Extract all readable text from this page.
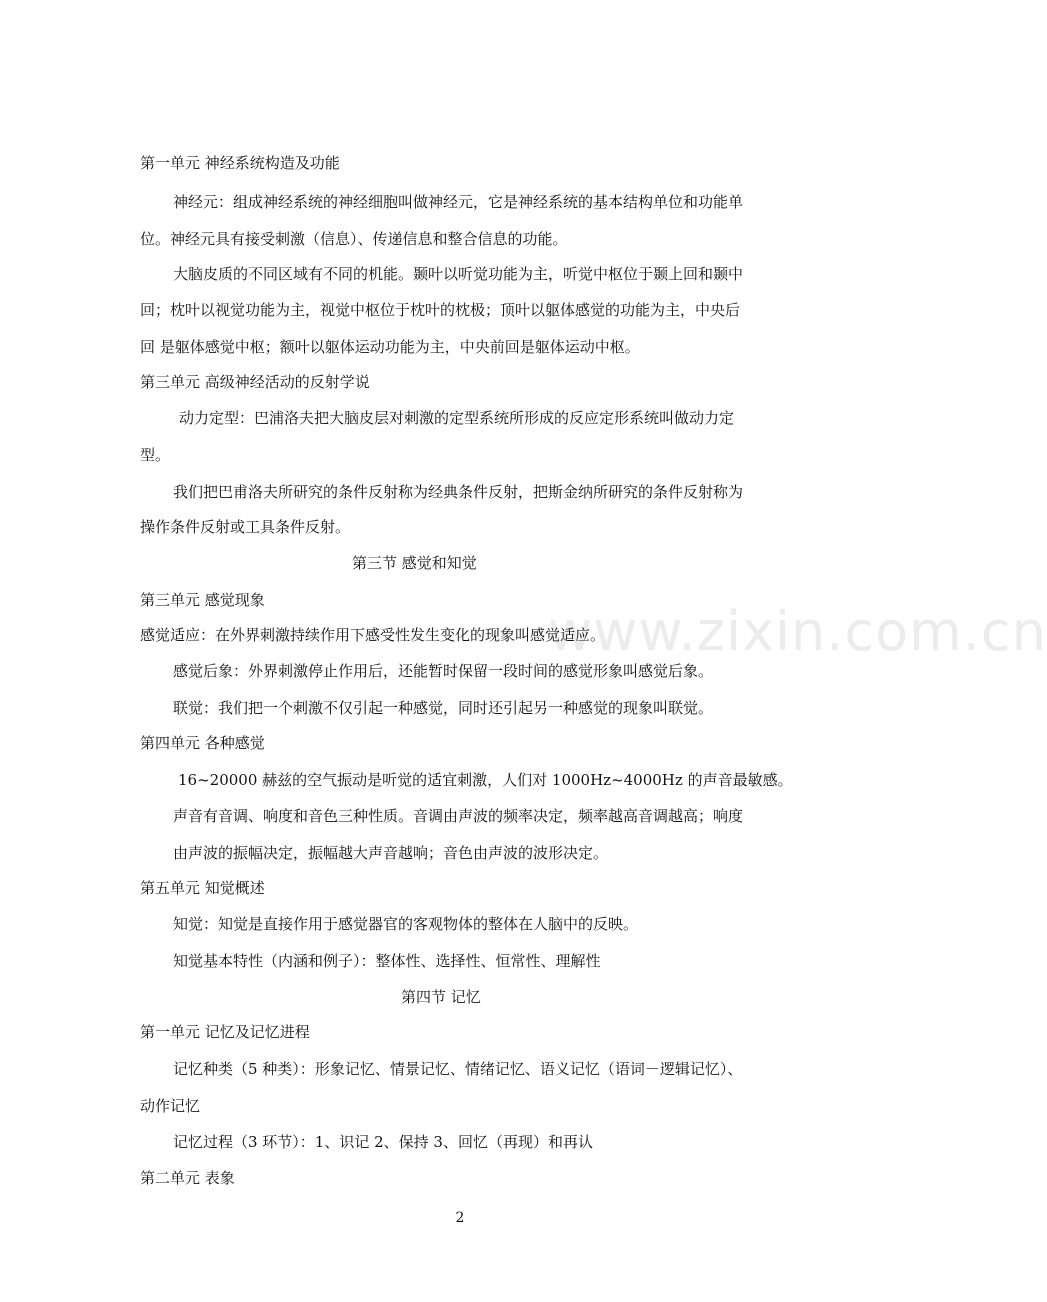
www.zixin.com.cn
第一单元 神经系统构造及功能
神经元：组成神经系统的神经细胞叫做神经元，它是神经系统的基本结构单位和功能单
位。神经元具有接受刺激（信息）、传递信息和整合信息的功能。
大脑皮质的不同区域有不同的机能。颞叶以听觉功能为主，听觉中枢位于颞上回和颞中
回；枕叶以视觉功能为主，视觉中枢位于枕叶的枕极；顶叶以躯体感觉的功能为主，中央后
回 是躯体感觉中枢；额叶以躯体运动功能为主，中央前回是躯体运动中枢。
第三单元 高级神经活动的反射学说
动力定型：巴浦洛夫把大脑皮层对刺激的定型系统所形成的反应定形系统叫做动力定
型。
我们把巴甫洛夫所研究的条件反射称为经典条件反射，把斯金纳所研究的条件反射称为
操作条件反射或工具条件反射。
第三节 感觉和知觉
第三单元 感觉现象
感觉适应：在外界刺激持续作用下感受性发生变化的现象叫感觉适应。
感觉后象：外界刺激停止作用后，还能暂时保留一段时间的感觉形象叫感觉后象。
联觉：我们把一个刺激不仅引起一种感觉，同时还引起另一种感觉的现象叫联觉。
第四单元 各种感觉
16~20000 赫兹的空气振动是听觉的适宜刺激，人们对 1000Hz~4000Hz 的声音最敏感。
声音有音调、响度和音色三种性质。音调由声波的频率决定，频率越高音调越高；响度
由声波的振幅决定，振幅越大声音越响；音色由声波的波形决定。
第五单元 知觉概述
知觉：知觉是直接作用于感觉器官的客观物体的整体在人脑中的反映。
知觉基本特性（内涵和例子）：整体性、选择性、恒常性、理解性
第四节 记忆
第一单元 记忆及记忆进程
记忆种类（5 种类）：形象记忆、情景记忆、情绪记忆、语义记忆（语词－逻辑记忆）、
动作记忆
记忆过程（3 环节）：1、识记 2、保持 3、回忆（再现）和再认
第二单元 表象
2
